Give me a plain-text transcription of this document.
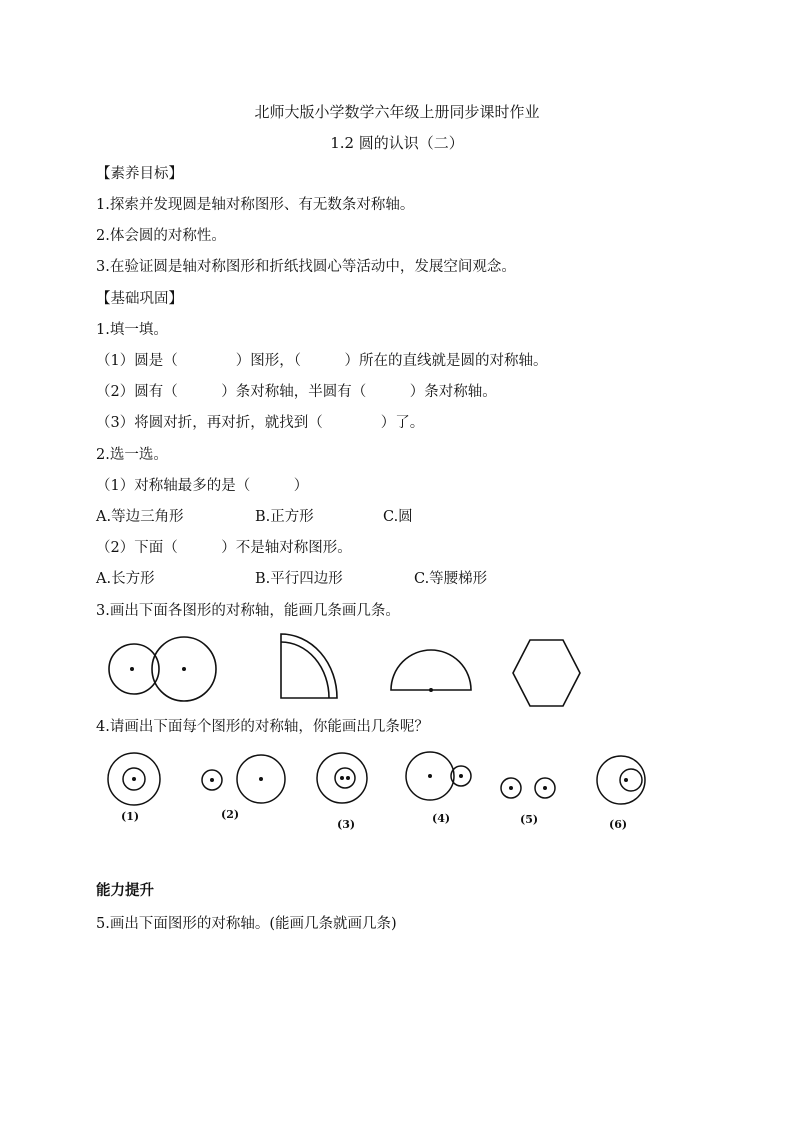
北师大版小学数学六年级上册同步课时作业
1.2 圆的认识（二）
【素养目标】
1.探索并发现圆是轴对称图形、有无数条对称轴。
2.体会圆的对称性。
3.在验证圆是轴对称图形和折纸找圆心等活动中，发展空间观念。
【基础巩固】
1.填一填。
（1）圆是（　　　　）图形，（　　　）所在的直线就是圆的对称轴。
（2）圆有（　　　）条对称轴，半圆有（　　　）条对称轴。
（3）将圆对折，再对折，就找到（　　　　）了。
2.选一选。
（1）对称轴最多的是（　　　）
A.等边三角形	B.正方形	C.圆
（2）下面（　　　）不是轴对称图形。
A.长方形	B.平行四边形	C.等腰梯形
3.画出下面各图形的对称轴，能画几条画几条。
4.请画出下面每个图形的对称轴，你能画出几条呢？
(1)	(2)
(3)	(4)	(5)	(6)
能力提升
5.画出下面图形的对称轴。(能画几条就画几条)
